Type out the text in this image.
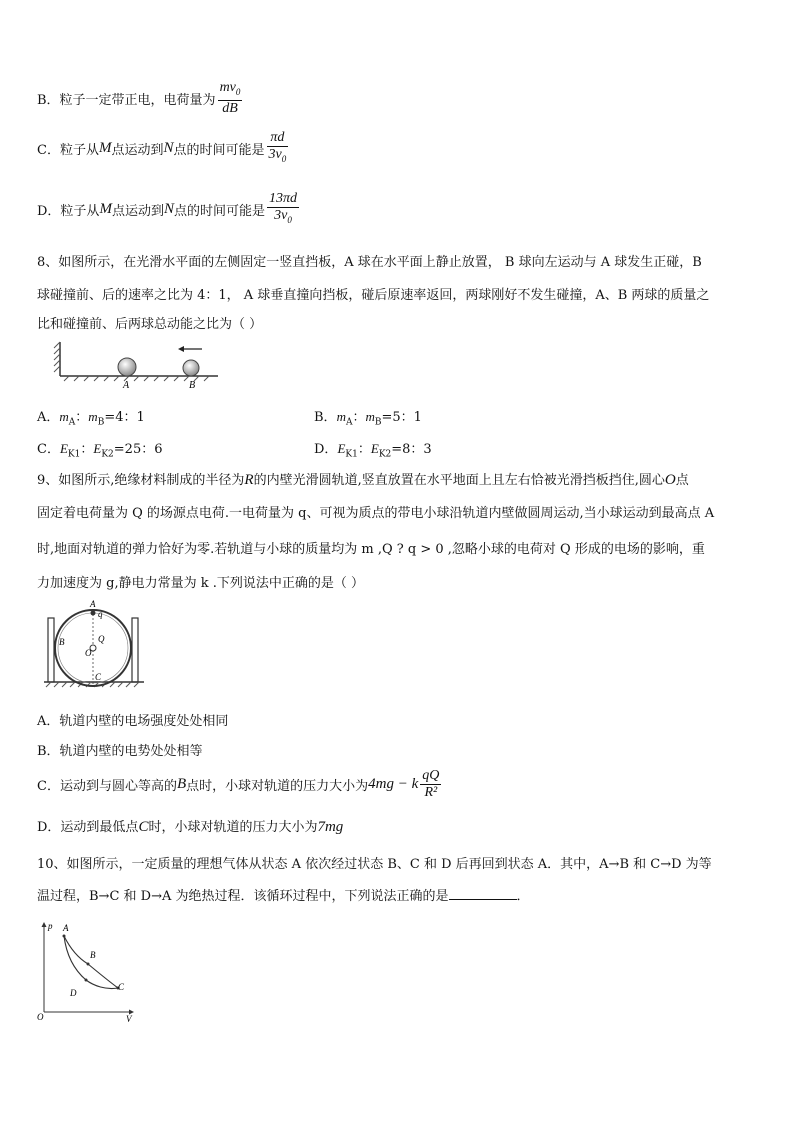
B．粒子一定带正电，电荷量为 $\frac{mv_0}{dB}$
C．粒子从M点运动到N点的时间可能是 $\frac{\pi d}{3v_0}$
D．粒子从M点运动到N点的时间可能是 $\frac{13\pi d}{3v_0}$
8、如图所示，在光滑水平面的左侧固定一竖直挡板，A 球在水平面上静止放置， B 球向左运动与 A 球发生正碰，B
球碰撞前、后的速率之比为 4：1， A 球垂直撞向挡板，碰后原速率返回，两球刚好不发生碰撞，A、B 两球的质量之
比和碰撞前、后两球总动能之比为（ ）
A	B
A．$m_A$：$m_B=4$：1	B．$m_A$：$m_B=5$：1
C．$E_{K1}$：$E_{K2}=25$：6	D．$E_{K1}$：$E_{K2}=8$：3
9、如图所示,绝缘材料制成的半径为R的内壁光滑圆轨道,竖直放置在水平地面上且左右恰被光滑挡板挡住,圆心O点
固定着电荷量为 Q 的场源点电荷.一电荷量为 q、可视为质点的带电小球沿轨道内壁做圆周运动,当小球运动到最高点 A
时,地面对轨道的弹力恰好为零.若轨道与小球的质量均为 m ,Q ? q > 0 ,忽略小球的电荷对 Q 形成的电场的影响，重
力加速度为 g,静电力常量为 k .下列说法中正确的是（ ）
A
q
B	Q
O
C
A．轨道内壁的电场强度处处相同
B．轨道内壁的电势处处相等
C．运动到与圆心等高的B点时，小球对轨道的压力大小为4mg − k $\frac{qQ}{\text{R²}}$
D．运动到最低点C时，小球对轨道的压力大小为7mg
10、如图所示，一定质量的理想气体从状态 A 依次经过状态 B、C 和 D 后再回到状态 A．其中，A→B 和 C→D 为等
温过程，B→C 和 D→A 为绝热过程．该循环过程中，下列说法正确的是	．
p
V
O
A
B
C
D
